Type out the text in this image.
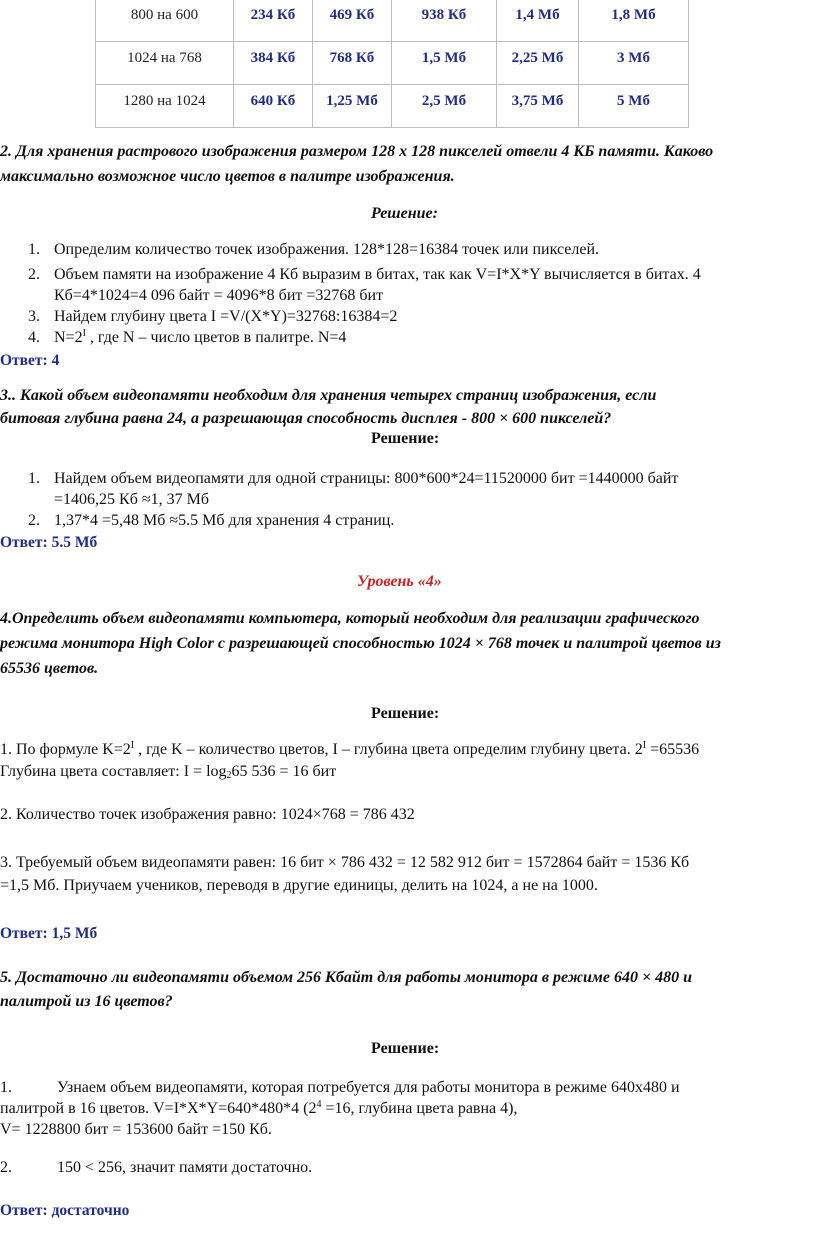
800 на 600	234 Кб	469 Кб	938 Кб	1,4 Мб	1,8 Мб
1024 на 768	384 Кб	768 Кб	1,5 Мб	2,25 Мб	3 Мб
1280 на 1024	640 Кб	1,25 Мб	2,5 Мб	3,75 Мб	5 Мб
2. Для хранения растрового изображения размером 128 х 128 пикселей отвели 4 КБ памяти. Каково
максимально возможное число цветов в палитре изображения.
Решение:
1. Определим количество точек изображения. 128*128=16384 точек или пикселей.
2. Объем памяти на изображение 4 Кб выразим в битах, так как V=I*X*Y вычисляется в битах. 4
Кб=4*1024=4 096 байт = 4096*8 бит =32768 бит
3. Найдем глубину цвета I =V/(X*Y)=32768:16384=2
4. $N=2^I$ , где N – число цветов в палитре. N=4
Ответ: 4
3.. Какой объем видеопамяти необходим для хранения четырех страниц изображения, если
битовая глубина равна 24, а разрешающая способность дисплея - 800 × 600 пикселей?
Решение:
1. Найдем объем видеопамяти для одной страницы: 800*600*24=11520000 бит =1440000 байт
=1406,25 Кб ≈1, 37 Мб
2. 1,37*4 =5,48 Мб ≈5.5 Мб для хранения 4 страниц.
Ответ: 5.5 Мб
Уровень «4»
4.Определить объем видеопамяти компьютера, который необходим для реализации графического
режима монитора High Color с разрешающей способностью 1024 × 768 точек и палитрой цветов из
65536 цветов.
Решение:
1. По формуле $K=2^I$ , где K – количество цветов, I – глубина цвета определим глубину цвета. $2^I =65536$
Глубина цвета составляет: $I = \log_265$ 536 = 16 бит
2. Количество точек изображения равно: 1024×768 = 786 432
3. Требуемый объем видеопамяти равен: 16 бит × 786 432 = 12 582 912 бит = 1572864 байт = 1536 Кб
=1,5 Мб. Приучаем учеников, переводя в другие единицы, делить на 1024, а не на 1000.
Ответ: 1,5 Мб
5. Достаточно ли видеопамяти объемом 256 Кбайт для работы монитора в режиме 640 × 480 и
палитрой из 16 цветов?
Решение:
1.	Узнаем объем видеопамяти, которая потребуется для работы монитора в режиме 640х480 и
палитрой в 16 цветов. V=I*X*Y=640*480*4 ($2^4 =16$, глубина цвета равна 4),
V= 1228800 бит = 153600 байт =150 Кб.
2.	150 < 256, значит памяти достаточно.
Ответ: достаточно
